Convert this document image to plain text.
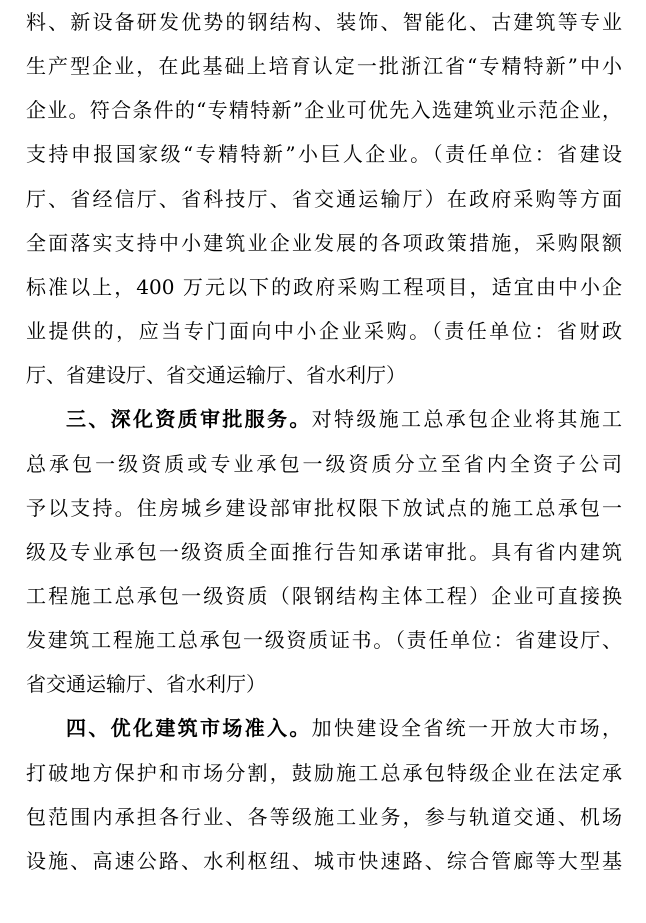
料、新设备研发优势的钢结构、装饰、智能化、古建筑等专业
生产型企业，在此基础上培育认定一批浙江省“专精特新”中小
企业。符合条件的“专精特新”企业可优先入选建筑业示范企业，
支持申报国家级“专精特新”小巨人企业。（责任单位：省建设
厅、省经信厅、省科技厅、省交通运输厅）在政府采购等方面
全面落实支持中小建筑业企业发展的各项政策措施，采购限额
标准以上，400 万元以下的政府采购工程项目，适宜由中小企
业提供的，应当专门面向中小企业采购。（责任单位：省财政
厅、省建设厅、省交通运输厅、省水利厅）
三、深化资质审批服务。对特级施工总承包企业将其施工
总承包一级资质或专业承包一级资质分立至省内全资子公司
予以支持。住房城乡建设部审批权限下放试点的施工总承包一
级及专业承包一级资质全面推行告知承诺审批。具有省内建筑
工程施工总承包一级资质（限钢结构主体工程）企业可直接换
发建筑工程施工总承包一级资质证书。（责任单位：省建设厅、
省交通运输厅、省水利厅）
四、优化建筑市场准入。加快建设全省统一开放大市场，
打破地方保护和市场分割，鼓励施工总承包特级企业在法定承
包范围内承担各行业、各等级施工业务，参与轨道交通、机场
设施、高速公路、水利枢纽、城市快速路、综合管廊等大型基
